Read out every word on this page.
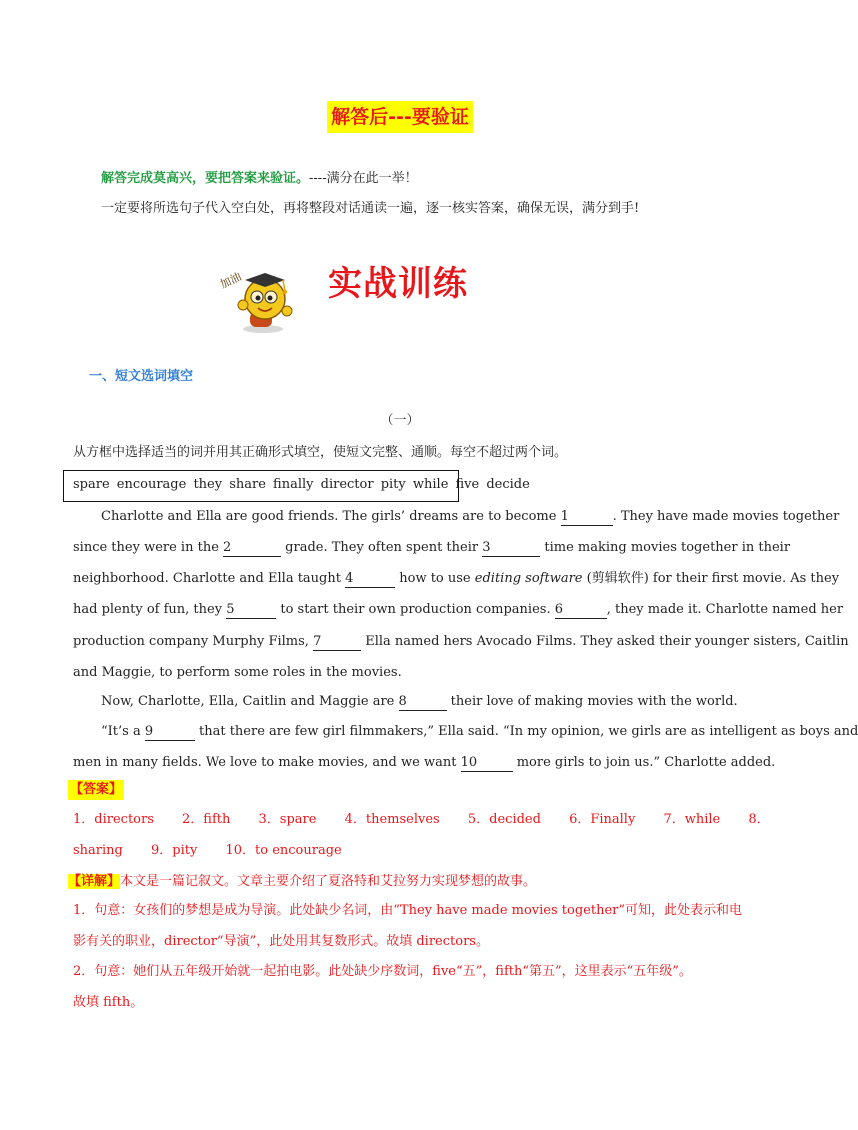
解答后---要验证
解答完成莫高兴，要把答案来验证。----满分在此一举！
一定要将所选句子代入空白处，再将整段对话通读一遍，逐一核实答案，确保无误，满分到手!
加油 实战训练
一、短文选词填空
（一）
从方框中选择适当的词并用其正确形式填空，使短文完整、通顺。每空不超过两个词。
spare encourage they share finally director pity while five decide
Charlotte and Ella are good friends. The girls’ dreams are to become 1	. They have made movies together
since they were in the 2	grade. They often spent their 3	time making movies together in their
neighborhood. Charlotte and Ella taught 4	how to use editing software (剪辑软件) for their first movie. As they
had plenty of fun, they 5	to start their own production companies. 6	, they made it. Charlotte named her
production company Murphy Films, 7	Ella named hers Avocado Films. They asked their younger sisters, Caitlin
and Maggie, to perform some roles in the movies.
Now, Charlotte, Ella, Caitlin and Maggie are 8	their love of making movies with the world.
“It’s a 9	that there are few girl filmmakers,” Ella said. “In my opinion, we girls are as intelligent as boys and
men in many fields. We love to make movies, and we want 10	more girls to join us.” Charlotte added.
【答案】
1．directors 2．fifth 3．spare 4．themselves 5．decided 6．Finally 7．while 8．
sharing 9．pity 10．to encourage
【详解】本文是一篇记叙文。文章主要介绍了夏洛特和艾拉努力实现梦想的故事。
1．句意：女孩们的梦想是成为导演。此处缺少名词，由“They have made movies together”可知，此处表示和电
影有关的职业，director“导演”，此处用其复数形式。故填 directors。
2．句意：她们从五年级开始就一起拍电影。此处缺少序数词，five“五”，fifth“第五”，这里表示“五年级”。
故填 fifth。
